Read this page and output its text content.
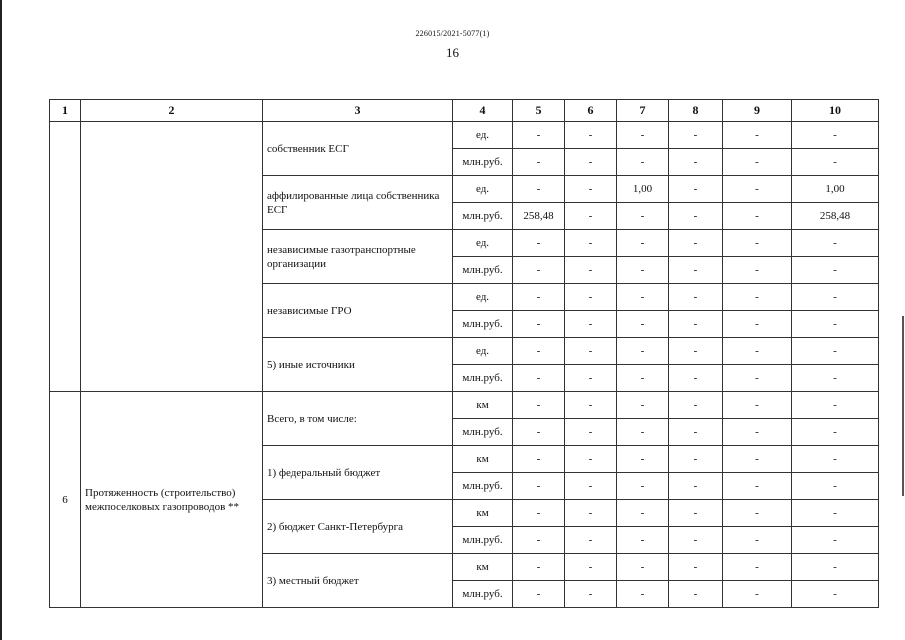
226015/2021-5077(1)
16
1	2	3	4	5	6	7	8	9	10
		собственник ЕСГ	ед.	-	-	-	-	-	-
			млн.руб.	-	-	-	-	-	-
		аффилированные лица собственника ЕСГ	ед.	-	-	1,00	-	-	1,00
			млн.руб.	258,48	-	-	-	-	258,48
		независимые газотранспортные организации	ед.	-	-	-	-	-	-
			млн.руб.	-	-	-	-	-	-
		независимые ГРО	ед.	-	-	-	-	-	-
			млн.руб.	-	-	-	-	-	-
		5) иные источники	ед.	-	-	-	-	-	-
			млн.руб.	-	-	-	-	-	-
6	Протяженность (строительство) межпоселковых газопроводов **	Всего, в том числе:	км	-	-	-	-	-	-
			млн.руб.	-	-	-	-	-	-
		1) федеральный бюджет	км	-	-	-	-	-	-
			млн.руб.	-	-	-	-	-	-
		2) бюджет Санкт-Петербурга	км	-	-	-	-	-	-
			млн.руб.	-	-	-	-	-	-
		3) местный бюджет	км	-	-	-	-	-	-
			млн.руб.	-	-	-	-	-	-
